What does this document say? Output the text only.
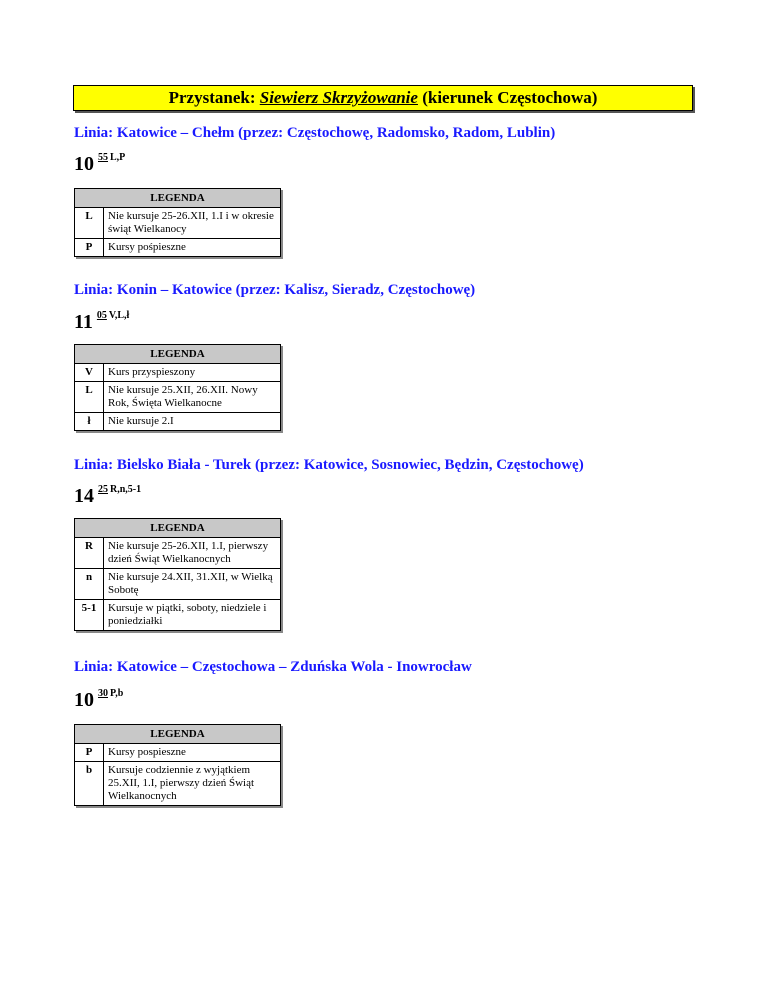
Przystanek: Siewierz Skrzyżowanie (kierunek Częstochowa)
Linia: Katowice – Chełm (przez: Częstochowę, Radomsko, Radom, Lublin)
10 $^{55}$ $^{L,P}$
LEGENDA	
L	Nie kursuje 25-26.XII, 1.I i w okresie świąt Wielkanocy
P	Kursy pośpieszne
Linia: Konin – Katowice (przez: Kalisz, Sieradz, Częstochowę)
11 $^{05}$ $^{V,L,ł}$
LEGENDA	
V	Kurs przyspieszony
L	Nie kursuje 25.XII, 26.XII. Nowy Rok, Święta Wielkanocne
ł	Nie kursuje 2.I
Linia: Bielsko Biała - Turek (przez: Katowice, Sosnowiec, Będzin, Częstochowę)
14 $^{25}$ $^{R,n,5-1}$
LEGENDA	
R	Nie kursuje 25-26.XII, 1.I, pierwszy dzień Świąt Wielkanocnych
n	Nie kursuje 24.XII, 31.XII, w Wielką Sobotę
5-1	Kursuje w piątki, soboty, niedziele i poniedziałki
Linia: Katowice – Częstochowa – Zduńska Wola - Inowrocław
10 $^{30}$ $^{P,b}$
LEGENDA	
P	Kursy pospieszne
b	Kursuje codziennie z wyjątkiem 25.XII, 1.I, pierwszy dzień Świąt Wielkanocnych
